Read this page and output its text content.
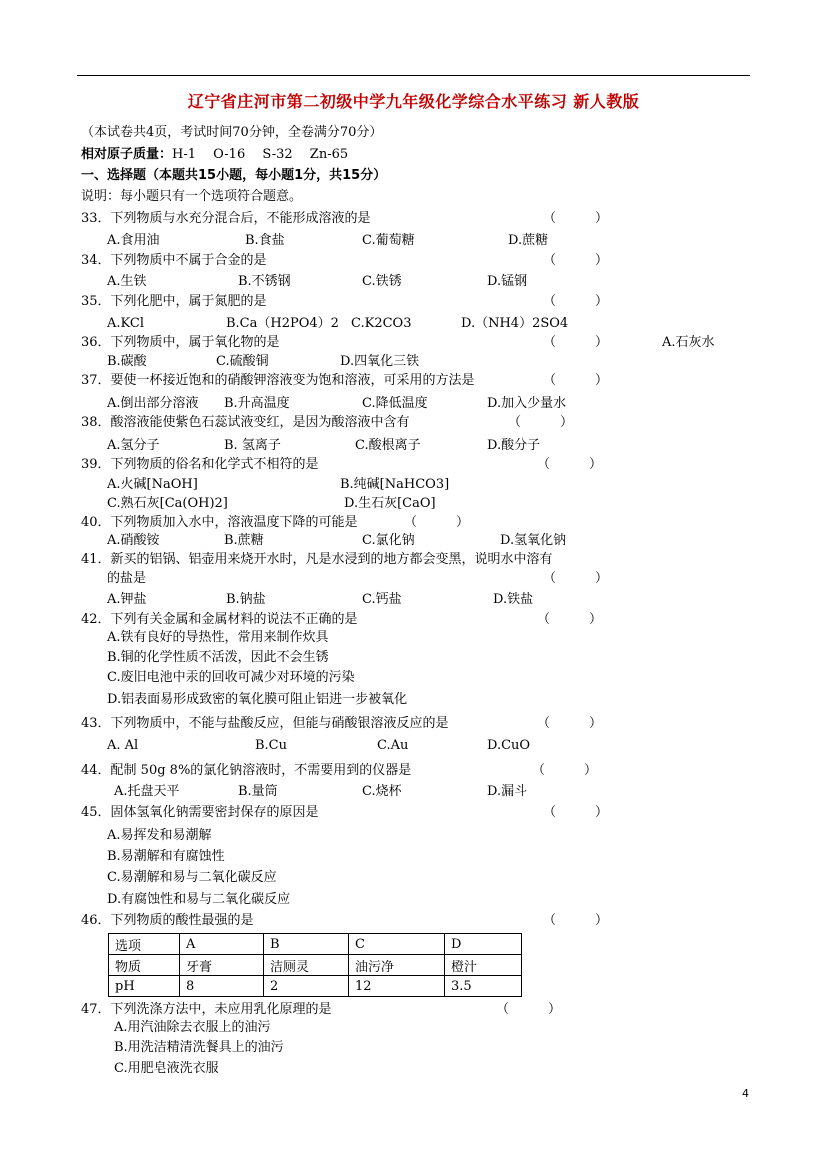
辽宁省庄河市第二初级中学九年级化学综合水平练习 新人教版
（本试卷共4页，考试时间70分钟，全卷满分70分）
相对原子质量：H-1　 O-16　 S-32　 Zn-65
一、选择题（本题共15小题，每小题1分，共15分）
说明：每小题只有一个选项符合题意。
33．下列物质与水充分混合后，不能形成溶液的是	（　　　）
A.食用油	B.食盐	C.葡萄糖	D.蔗糖
34．下列物质中不属于合金的是	（　　　）
A.生铁	B.不锈钢	C.铁锈	D.锰钢
35．下列化肥中，属于氮肥的是	（　　　）
A.KCl	B.Ca（H2PO4）2 C.K2CO3	D.（NH4）2SO4
36．下列物质中，属于氧化物的是	（　　　）	A.石灰水
B.碳酸	C.硫酸铜	D.四氧化三铁
37．要使一杯接近饱和的硝酸钾溶液变为饱和溶液，可采用的方法是	（　　　）
A.倒出部分溶液 B.升高温度	C.降低温度	D.加入少量水
38．酸溶液能使紫色石蕊试液变红，是因为酸溶液中含有	（　　　）
A.氢分子	B. 氢离子	C.酸根离子	D.酸分子
39．下列物质的俗名和化学式不相符的是	（　　　）
A.火碱[NaOH]	B.纯碱[NaHCO3]
C.熟石灰[Ca(OH)2]	D.生石灰[CaO]
40．下列物质加入水中，溶液温度下降的可能是	（　　　）
A.硝酸铵	B.蔗糖	C.氯化钠	D.氢氧化钠
41．新买的铝锅、铝壶用来烧开水时，凡是水浸到的地方都会变黑，说明水中溶有
的盐是	（　　　）
A.钾盐	B.钠盐	C.钙盐	D.铁盐
42．下列有关金属和金属材料的说法不正确的是	（　　　）
A.铁有良好的导热性，常用来制作炊具
B.铜的化学性质不活泼，因此不会生锈
C.废旧电池中汞的回收可减少对环境的污染
D.铝表面易形成致密的氧化膜可阻止铝进一步被氧化
43．下列物质中，不能与盐酸反应，但能与硝酸银溶液反应的是	（　　　）
A. Al	B.Cu	C.Au	D.CuO
44．配制 50g 8%的氯化钠溶液时，不需要用到的仪器是	（　　　）
A.托盘天平	B.量筒	C.烧杯	D.漏斗
45．固体氢氧化钠需要密封保存的原因是	（　　　）
A.易挥发和易潮解
B.易潮解和有腐蚀性
C.易潮解和易与二氧化碳反应
D.有腐蚀性和易与二氧化碳反应
46．下列物质的酸性最强的是	（　　　）
选项	A	B	C	D
物质	牙膏	洁厕灵	油污净	橙汁
pH	8	2	12	3.5
47．下列洗涤方法中，未应用乳化原理的是	（　　　）
A.用汽油除去衣服上的油污
B.用洗洁精清洗餐具上的油污
C.用肥皂液洗衣服
4
